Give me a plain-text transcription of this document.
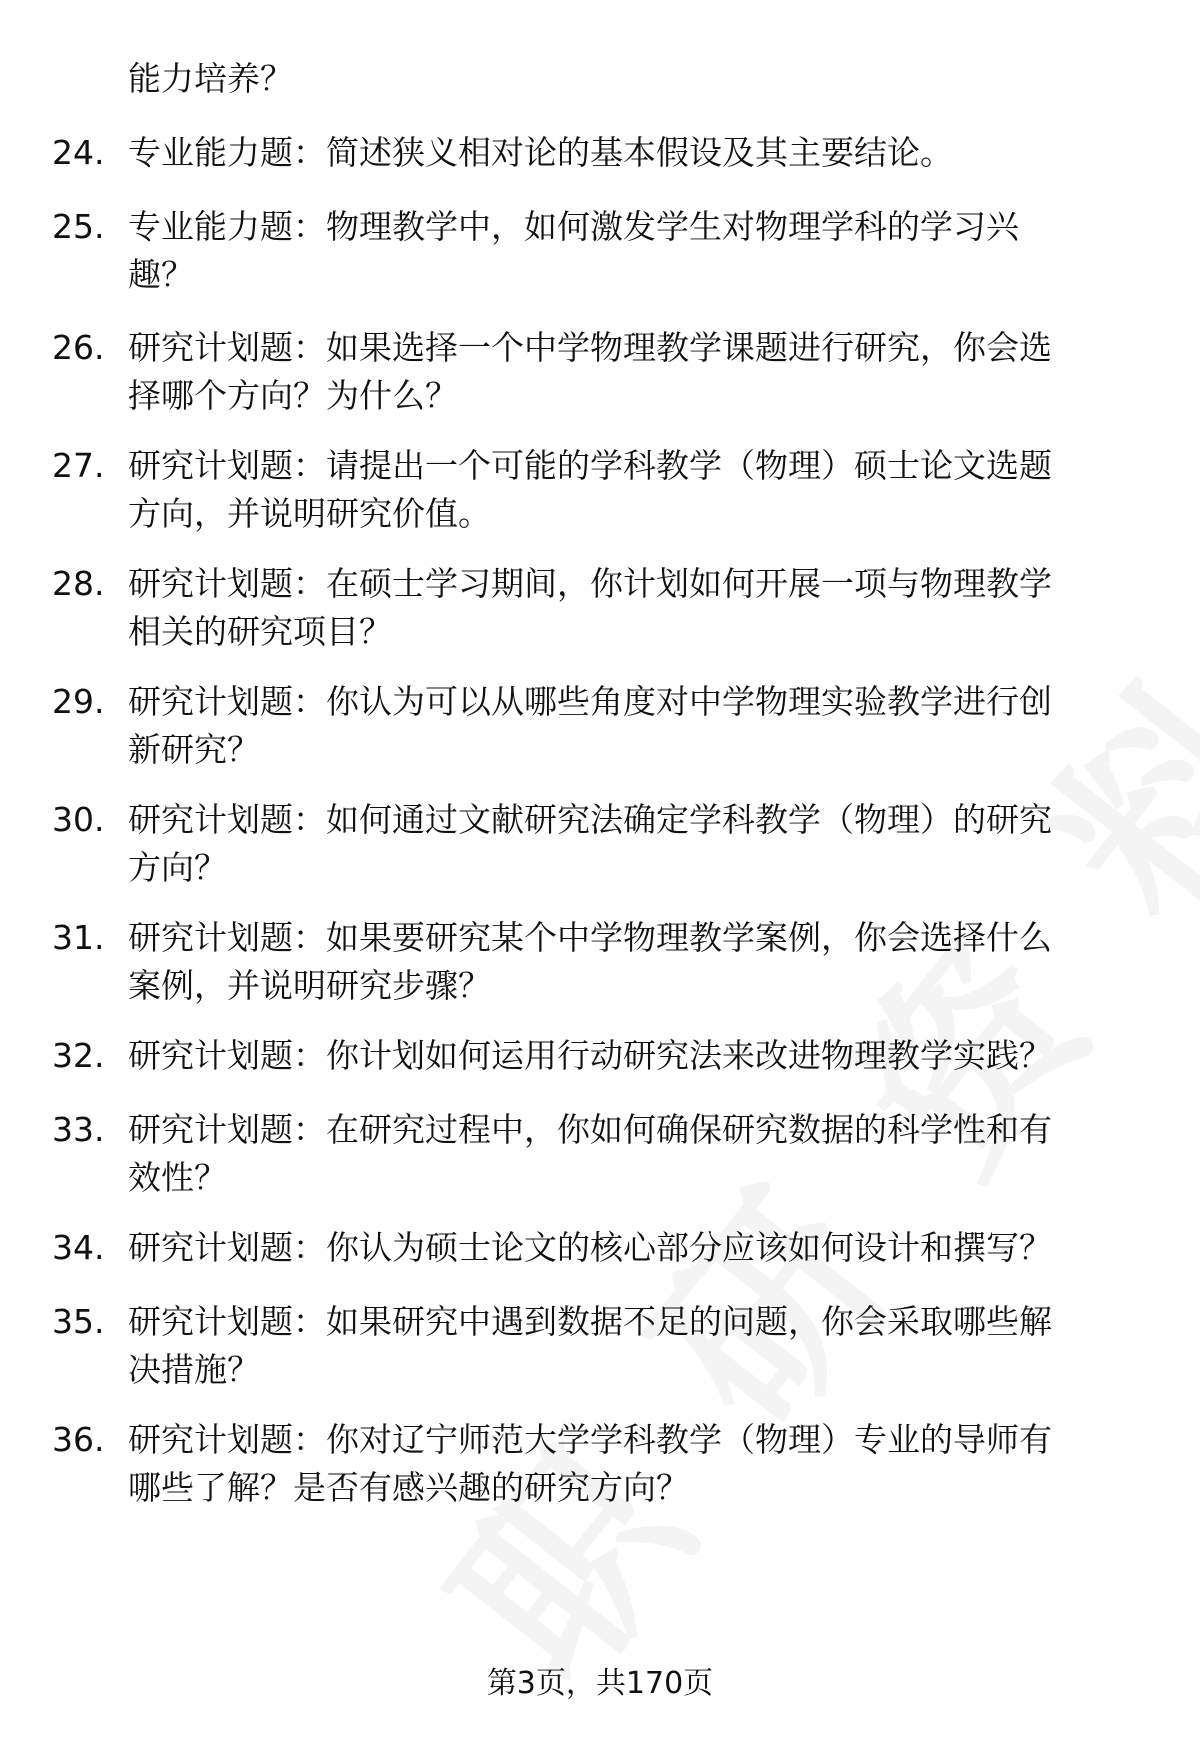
能力培养？
24. 专业能力题：简述狭义相对论的基本假设及其主要结论。
25. 专业能力题：物理教学中，如何激发学生对物理学科的学习兴
趣？
26. 研究计划题：如果选择一个中学物理教学课题进行研究，你会选
择哪个方向？为什么？
27. 研究计划题：请提出一个可能的学科教学（物理）硕士论文选题
方向，并说明研究价值。
28. 研究计划题：在硕士学习期间，你计划如何开展一项与物理教学
相关的研究项目？
29. 研究计划题：你认为可以从哪些角度对中学物理实验教学进行创
新研究？
30. 研究计划题：如何通过文献研究法确定学科教学（物理）的研究
方向？
31. 研究计划题：如果要研究某个中学物理教学案例，你会选择什么
案例，并说明研究步骤？
32. 研究计划题：你计划如何运用行动研究法来改进物理教学实践？
33. 研究计划题：在研究过程中，你如何确保研究数据的科学性和有
效性？
34. 研究计划题：你认为硕士论文的核心部分应该如何设计和撰写？
35. 研究计划题：如果研究中遇到数据不足的问题，你会采取哪些解
决措施？
36. 研究计划题：你对辽宁师范大学学科教学（物理）专业的导师有
哪些了解？是否有感兴趣的研究方向？
第3页，共170页
